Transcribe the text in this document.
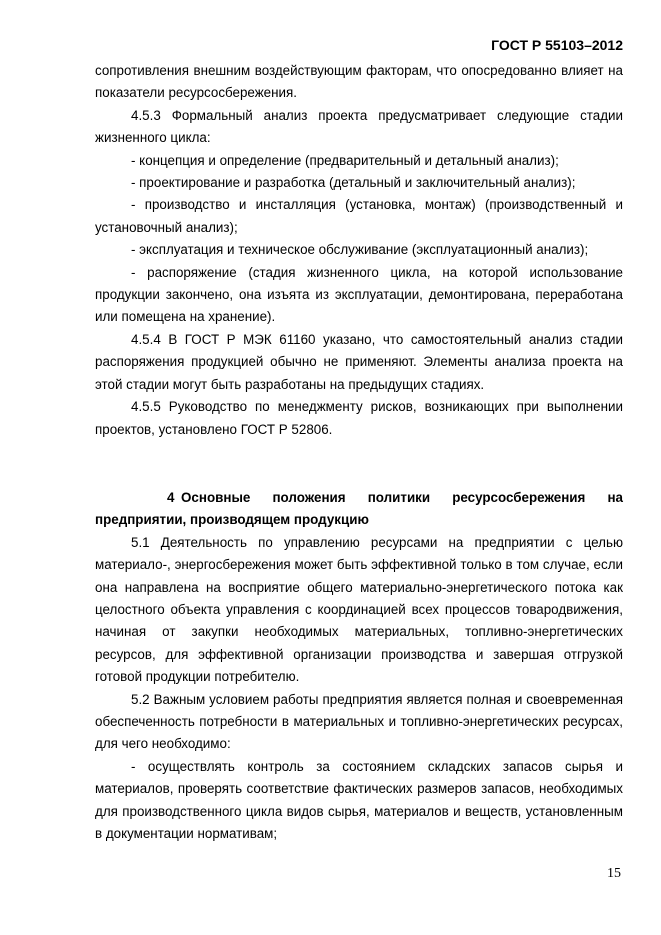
ГОСТ Р 55103–2012

сопротивления внешним воздействующим факторам, что опосредованно влияет на показатели ресурсосбережения.

4.5.3 Формальный анализ проекта предусматривает следующие стадии жизненного цикла:

- концепция и определение (предварительный и детальный анализ);

- проектирование и разработка (детальный и заключительный анализ);

- производство и инсталляция (установка, монтаж) (производственный и установочный анализ);

- эксплуатация и техническое обслуживание (эксплуатационный анализ);

- распоряжение (стадия жизненного цикла, на которой использование продукции закончено, она изъята из эксплуатации, демонтирована, переработана или помещена на хранение).

4.5.4 В ГОСТ Р МЭК 61160 указано, что самостоятельный анализ стадии распоряжения продукцией обычно не применяют. Элементы анализа проекта на этой стадии могут быть разработаны на предыдущих стадиях.

4.5.5 Руководство по менеджменту рисков, возникающих при выполнении проектов, установлено ГОСТ Р 52806.

4 Основные положения политики ресурсосбережения на предприятии, производящем продукцию

5.1 Деятельность по управлению ресурсами на предприятии с целью материало-, энергосбережения может быть эффективной только в том случае, если она направлена на восприятие общего материально-энергетического потока как целостного объекта управления с координацией всех процессов товародвижения, начиная от закупки необходимых материальных, топливно-энергетических ресурсов, для эффективной организации производства и завершая отгрузкой готовой продукции потребителю.

5.2 Важным условием работы предприятия является полная и своевременная обеспеченность потребности в материальных и топливно-энергетических ресурсах, для чего необходимо:

- осуществлять контроль за состоянием складских запасов сырья и материалов, проверять соответствие фактических размеров запасов, необходимых для производственного цикла видов сырья, материалов и веществ, установленным в документации нормативам;

15
